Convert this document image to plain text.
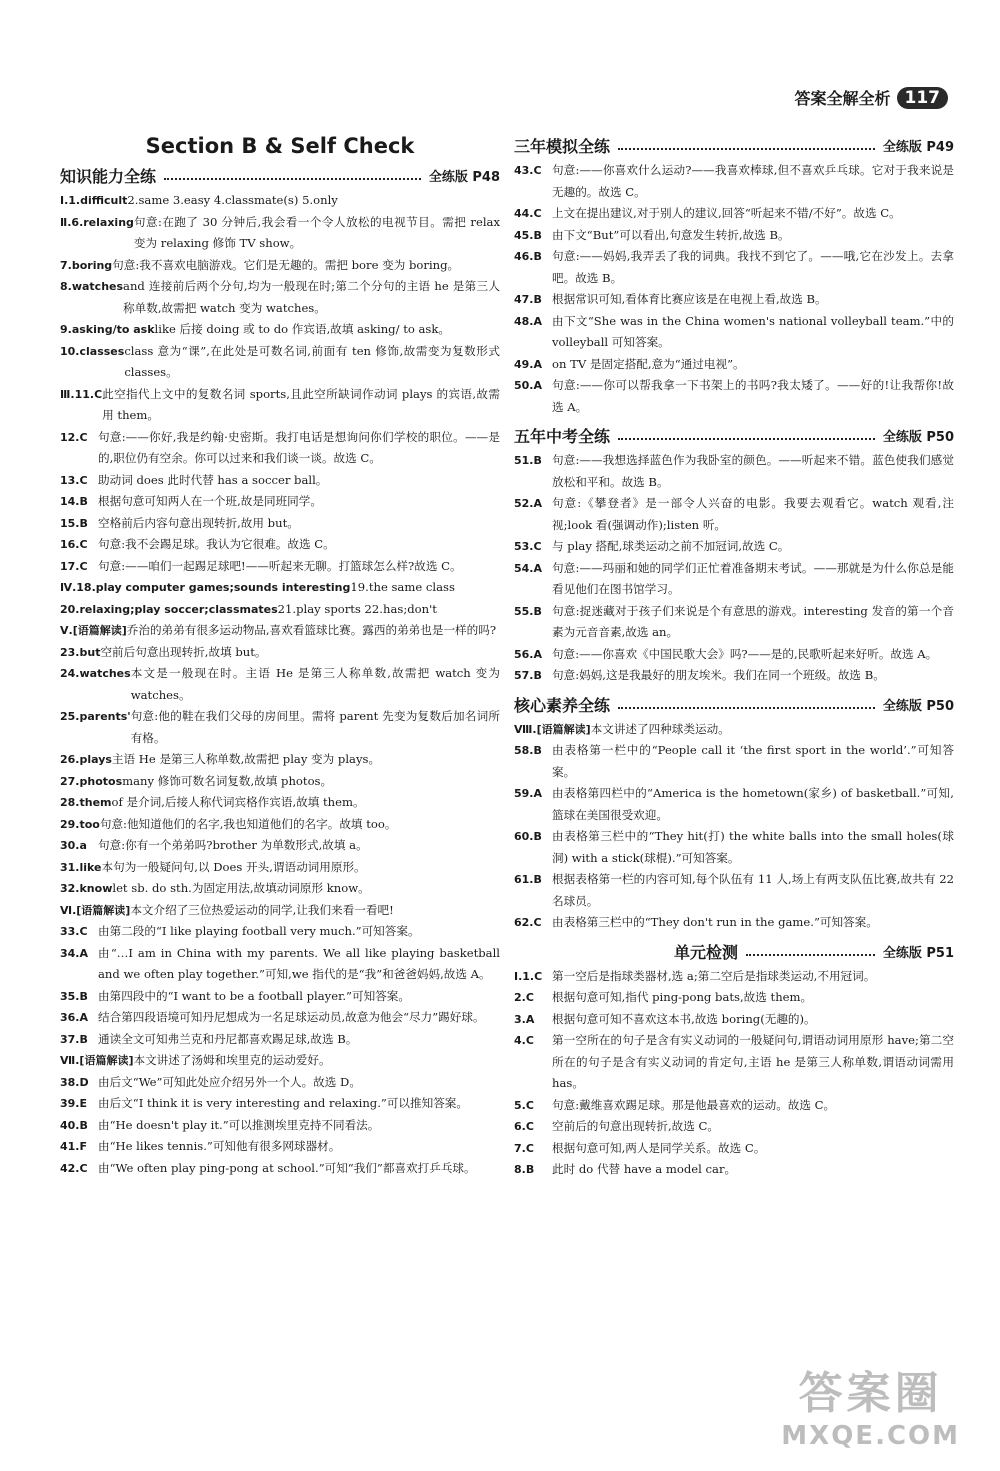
答案全解全析 117
Section B & Self Check
知识能力全练	全练版 P48
Ⅰ.1.difficult 2.same 3.easy 4.classmate(s) 5.only
Ⅱ.6.relaxing 句意:在跑了 30 分钟后,我会看一个令人放松的电视节目。需把 relax 变为 relaxing 修饰 TV show。
7.boring 句意:我不喜欢电脑游戏。它们是无趣的。需把 bore 变为 boring。
8.watches and 连接前后两个分句,均为一般现在时;第二个分句的主语 he 是第三人称单数,故需把 watch 变为 watches。
9.asking/to ask like 后接 doing 或 to do 作宾语,故填 asking/ to ask。
10.classes class 意为“课”,在此处是可数名词,前面有 ten 修饰,故需变为复数形式 classes。
Ⅲ.11.C 此空指代上文中的复数名词 sports,且此空所缺词作动词 plays 的宾语,故需用 them。
12.C 句意:——你好,我是约翰·史密斯。我打电话是想询问你们学校的职位。——是的,职位仍有空余。你可以过来和我们谈一谈。故选 C。
13.C 助动词 does 此时代替 has a soccer ball。
14.B 根据句意可知两人在一个班,故是同班同学。
15.B 空格前后内容句意出现转折,故用 but。
16.C 句意:我不会踢足球。我认为它很难。故选 C。
17.C 句意:——咱们一起踢足球吧!——听起来无聊。打篮球怎么样?故选 C。
Ⅳ.18.play computer games;sounds interesting 19.the same class
20.relaxing;play soccer;classmates 21.play sports 22.has;don't
Ⅴ.[语篇解读] 乔治的弟弟有很多运动物品,喜欢看篮球比赛。露西的弟弟也是一样的吗?
23.but 空前后句意出现转折,故填 but。
24.watches 本文是一般现在时。主语 He 是第三人称单数,故需把 watch 变为 watches。
25.parents' 句意:他的鞋在我们父母的房间里。需将 parent 先变为复数后加名词所有格。
26.plays 主语 He 是第三人称单数,故需把 play 变为 plays。
27.photos many 修饰可数名词复数,故填 photos。
28.them of 是介词,后接人称代词宾格作宾语,故填 them。
29.too 句意:他知道他们的名字,我也知道他们的名字。故填 too。
30.a 句意:你有一个弟弟吗?brother 为单数形式,故填 a。
31.like 本句为一般疑问句,以 Does 开头,谓语动词用原形。
32.know let sb. do sth.为固定用法,故填动词原形 know。
Ⅵ.[语篇解读] 本文介绍了三位热爱运动的同学,让我们来看一看吧!
33.C 由第二段的“I like playing football very much.”可知答案。
34.A 由“…I am in China with my parents. We all like playing basketball and we often play together.”可知,we 指代的是“我”和爸爸妈妈,故选 A。
35.B 由第四段中的“I want to be a football player.”可知答案。
36.A 结合第四段语境可知丹尼想成为一名足球运动员,故意为他会“尽力”踢好球。
37.B 通读全文可知弗兰克和丹尼都喜欢踢足球,故选 B。
Ⅶ.[语篇解读] 本文讲述了汤姆和埃里克的运动爱好。
38.D 由后文“We”可知此处应介绍另外一个人。故选 D。
39.E 由后文“I think it is very interesting and relaxing.”可以推知答案。
40.B 由“He doesn't play it.”可以推测埃里克持不同看法。
41.F 由“He likes tennis.”可知他有很多网球器材。
42.C 由“We often play ping-pong at school.”可知“我们”都喜欢打乒乓球。
三年模拟全练	全练版 P49
43.C 句意:——你喜欢什么运动?——我喜欢棒球,但不喜欢乒乓球。它对于我来说是无趣的。故选 C。
44.C 上文在提出建议,对于别人的建议,回答“听起来不错/不好”。故选 C。
45.B 由下文“But”可以看出,句意发生转折,故选 B。
46.B 句意:——妈妈,我弄丢了我的词典。我找不到它了。——哦,它在沙发上。去拿吧。故选 B。
47.B 根据常识可知,看体育比赛应该是在电视上看,故选 B。
48.A 由下文“She was in the China women's national volleyball team.”中的 volleyball 可知答案。
49.A on TV 是固定搭配,意为“通过电视”。
50.A 句意:——你可以帮我拿一下书架上的书吗?我太矮了。——好的!让我帮你!故选 A。
五年中考全练	全练版 P50
51.B 句意:——我想选择蓝色作为我卧室的颜色。——听起来不错。蓝色使我们感觉放松和平和。故选 B。
52.A 句意:《攀登者》是一部令人兴奋的电影。我要去观看它。watch 观看,注视;look 看(强调动作);listen 听。
53.C 与 play 搭配,球类运动之前不加冠词,故选 C。
54.A 句意:——玛丽和她的同学们正忙着准备期末考试。——那就是为什么你总是能看见他们在图书馆学习。
55.B 句意:捉迷藏对于孩子们来说是个有意思的游戏。interesting 发音的第一个音素为元音音素,故选 an。
56.A 句意:——你喜欢《中国民歌大会》吗?——是的,民歌听起来好听。故选 A。
57.B 句意:妈妈,这是我最好的朋友埃米。我们在同一个班级。故选 B。
核心素养全练	全练版 P50
Ⅷ.[语篇解读] 本文讲述了四种球类运动。
58.B 由表格第一栏中的“People call it ‘the first sport in the world’.”可知答案。
59.A 由表格第四栏中的“America is the hometown(家乡) of basketball.”可知,篮球在美国很受欢迎。
60.B 由表格第三栏中的“They hit(打) the white balls into the small holes(球洞) with a stick(球棍).”可知答案。
61.B 根据表格第一栏的内容可知,每个队伍有 11 人,场上有两支队伍比赛,故共有 22 名球员。
62.C 由表格第三栏中的“They don't run in the game.”可知答案。
单元检测	全练版 P51
Ⅰ.1.C 第一空后是指球类器材,选 a;第二空后是指球类运动,不用冠词。
2.C	根据句意可知,指代 ping-pong bats,故选 them。
3.A	根据句意可知不喜欢这本书,故选 boring(无趣的)。
4.C	第一空所在的句子是含有实义动词的一般疑问句,谓语动词用原形 have;第二空所在的句子是含有实义动词的肯定句,主语 he 是第三人称单数,谓语动词需用 has。
5.C	句意:戴维喜欢踢足球。那是他最喜欢的运动。故选 C。
6.C	空前后的句意出现转折,故选 C。
7.C	根据句意可知,两人是同学关系。故选 C。
8.B	此时 do 代替 have a model car。
答案圈
MXQE.COM
